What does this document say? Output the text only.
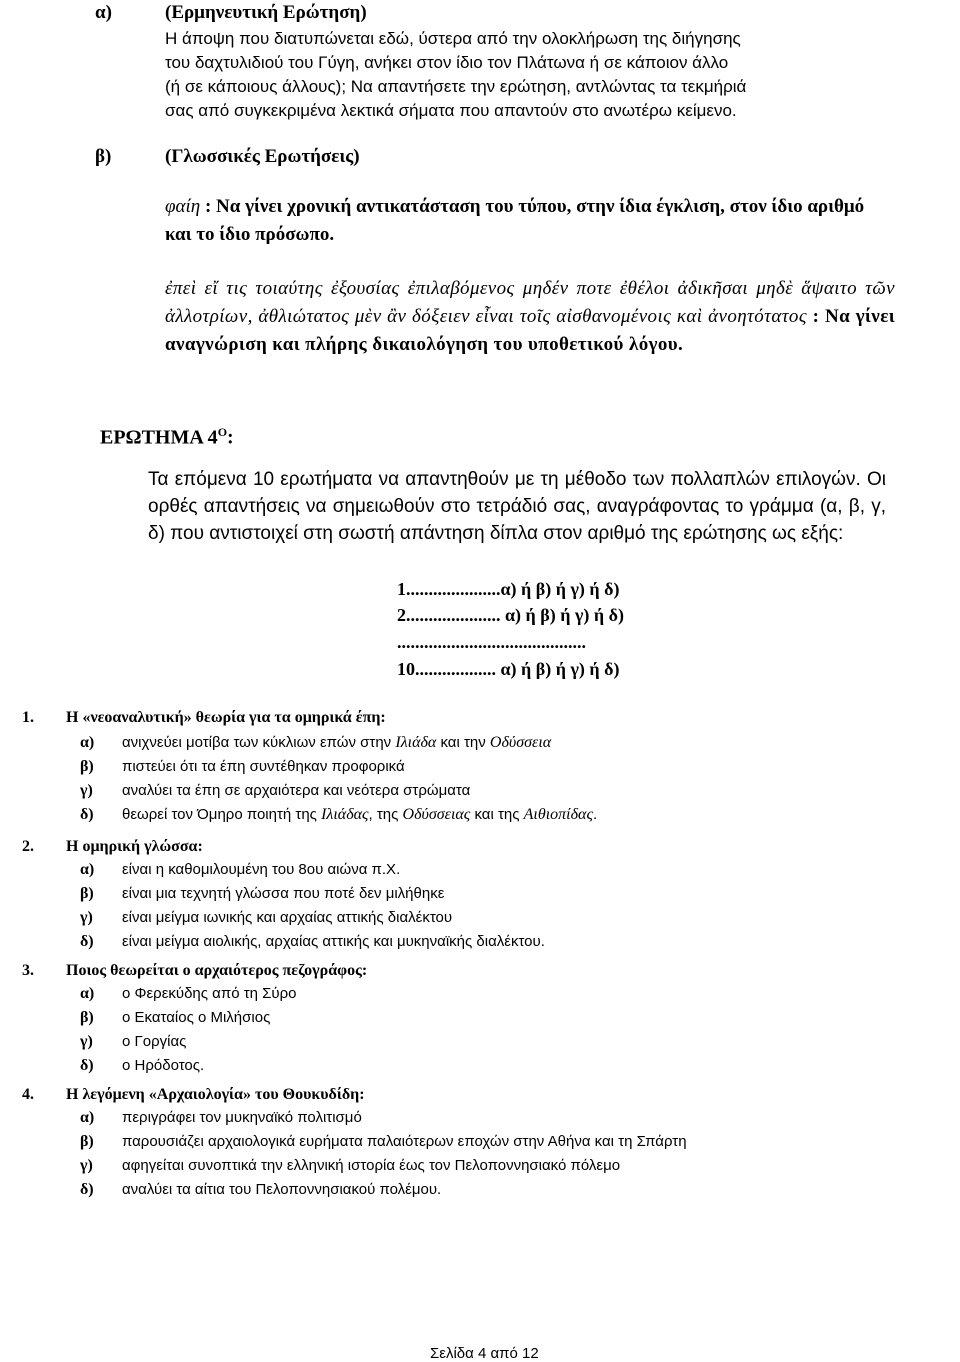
α)	(Ερμηνευτική Ερώτηση)
Η άποψη που διατυπώνεται εδώ, ύστερα από την ολοκλήρωση της διήγησης
του δαχτυλιδιού του Γύγη, ανήκει στον ίδιο τον Πλάτωνα ή σε κάποιον άλλο
(ή σε κάποιους άλλους); Να απαντήσετε την ερώτηση, αντλώντας τα τεκμήριά
σας από συγκεκριμένα λεκτικά σήματα που απαντούν στο ανωτέρω κείμενο.
β)	(Γλωσσικές Ερωτήσεις)
φαίη : Να γίνει χρονική αντικατάσταση του τύπου, στην ίδια έγκλιση, στον ίδιο αριθμό και το ίδιο πρόσωπο.
ἐπεὶ εἴ τις τοιαύτης ἐξουσίας ἐπιλαβόμενος μηδέν ποτε ἐθέλοι ἀδικῆσαι μηδὲ ἅψαιτο τῶν ἀλλοτρίων, ἀθλιώτατος μὲν ἂν δόξειεν εἶναι τοῖς αἰσθανομένοις καὶ ἀνοητότατος : Να γίνει αναγνώριση και πλήρης δικαιολόγηση του υποθετικού λόγου.
ΕΡΩΤΗΜΑ $4^O$:
Τα επόμενα 10 ερωτήματα να απαντηθούν με τη μέθοδο των πολλαπλών επιλογών. Οι ορθές απαντήσεις να σημειωθούν στο τετράδιό σας, αναγράφοντας το γράμμα (α, β, γ, δ) που αντιστοιχεί στη σωστή απάντηση δίπλα στον αριθμό της ερώτησης ως εξής:
1.....................α) ή β) ή γ) ή δ)
2..................... α) ή β) ή γ) ή δ)
..........................................
10.................. α) ή β) ή γ) ή δ)
1. Η «νεοαναλυτική» θεωρία για τα ομηρικά έπη:
α) ανιχνεύει μοτίβα των κύκλιων επών στην Ιλιάδα και την Οδύσσεια
β) πιστεύει ότι τα έπη συντέθηκαν προφορικά
γ) αναλύει τα έπη σε αρχαιότερα και νεότερα στρώματα
δ) θεωρεί τον Όμηρο ποιητή της Ιλιάδας, της Οδύσσειας και της Αιθιοπίδας.
2. Η ομηρική γλώσσα:
α) είναι η καθομιλουμένη του 8ου αιώνα π.Χ.
β) είναι μια τεχνητή γλώσσα που ποτέ δεν μιλήθηκε
γ) είναι μείγμα ιωνικής και αρχαίας αττικής διαλέκτου
δ) είναι μείγμα αιολικής, αρχαίας αττικής και μυκηναϊκής διαλέκτου.
3. Ποιος θεωρείται ο αρχαιότερος πεζογράφος:
α) ο Φερεκύδης από τη Σύρο
β) ο Εκαταίος ο Μιλήσιος
γ) ο Γοργίας
δ) ο Ηρόδοτος.
4. Η λεγόμενη «Αρχαιολογία» του Θουκυδίδη:
α) περιγράφει τον μυκηναϊκό πολιτισμό
β) παρουσιάζει αρχαιολογικά ευρήματα παλαιότερων εποχών στην Αθήνα και τη Σπάρτη
γ) αφηγείται συνοπτικά την ελληνική ιστορία έως τον Πελοποννησιακό πόλεμο
δ) αναλύει τα αίτια του Πελοποννησιακού πολέμου.
Σελίδα 4 από 12
